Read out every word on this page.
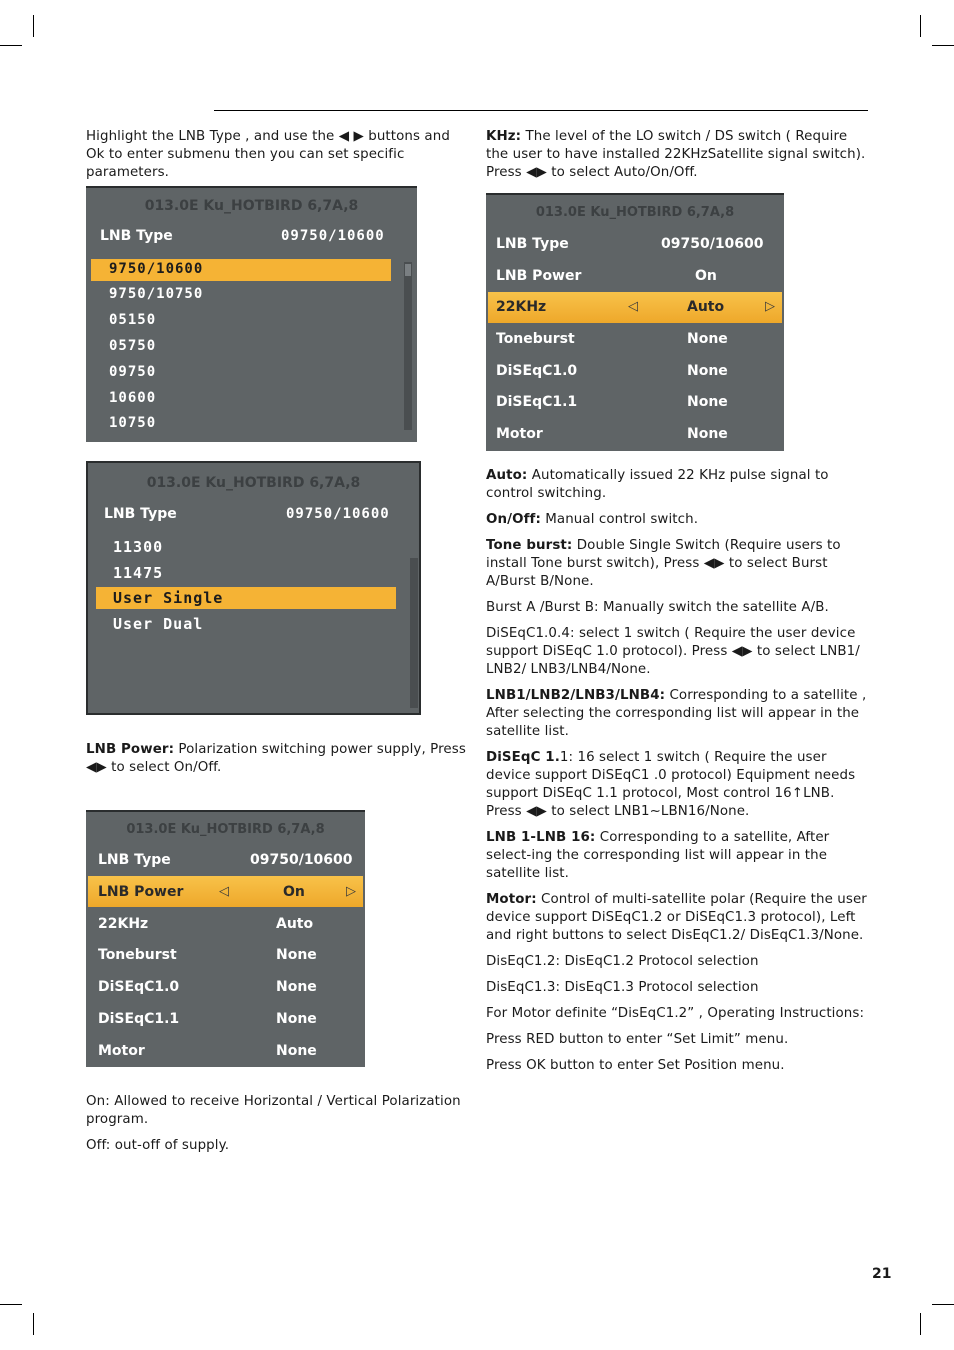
Highlight the LNB Type , and use the ◀ ▶ buttons and Ok to enter submenu then you can set specific parameters.

013.0E Ku_HOTBIRD 6,7A,8
LNB Type	09750/10600
9750/10600
9750/10750
05150
05750
09750
10600
10750
013.0E Ku_HOTBIRD 6,7A,8
LNB Type	09750/10600
11300
11475
User Single
User Dual

LNB Power: Polarization switching power supply, Press ◀▶ to select On/Off.

013.0E Ku_HOTBIRD 6,7A,8
LNB Type	09750/10600
LNB Power	◁	On	▷
22KHz	Auto
Toneburst	None
DiSEqC1.0	None
DiSEqC1.1	None
Motor	None

On: Allowed to receive Horizontal / Vertical Polarization program.

Off: out-off of supply.

KHz: The level of the LO switch / DS switch ( Require the user to have installed 22KHzSatellite signal switch). Press ◀▶ to select Auto/On/Off.

013.0E Ku_HOTBIRD 6,7A,8
LNB Type	09750/10600
LNB Power	On
22KHz	◁	Auto	▷
Toneburst	None
DiSEqC1.0	None
DiSEqC1.1	None
Motor	None

Auto: Automatically issued 22 KHz pulse signal to control switching.

On/Off: Manual control switch.

Tone burst: Double Single Switch (Require users to install Tone burst switch), Press ◀▶ to select Burst A/Burst B/None.

Burst A /Burst B: Manually switch the satellite A/B.

DiSEqC1.0.4: select 1 switch ( Require the user device support DiSEqC 1.0 protocol). Press ◀▶ to select LNB1/ LNB2/ LNB3/LNB4/None.

LNB1/LNB2/LNB3/LNB4: Corresponding to a satellite , After selecting the corresponding list will appear in the satellite list.

DiSEqC 1.1: 16 select 1 switch ( Require the user device support DiSEqC1 .0 protocol) Equipment needs support DiSEqC 1.1 protocol, Most control 16↑LNB. Press ◀▶ to select LNB1~LBN16/None.

LNB 1-LNB 16: Corresponding to a satellite, After select-ing the corresponding list will appear in the satellite list.

Motor: Control of multi-satellite polar (Require the user device support DiSEqC1.2 or DiSEqC1.3 protocol), Left and right buttons to select DisEqC1.2/ DisEqC1.3/None.

DisEqC1.2: DisEqC1.2 Protocol selection

DisEqC1.3: DisEqC1.3 Protocol selection

For Motor definite “DisEqC1.2” , Operating Instructions:

Press RED button to enter “Set Limit” menu.

Press OK button to enter Set Position menu.

21
